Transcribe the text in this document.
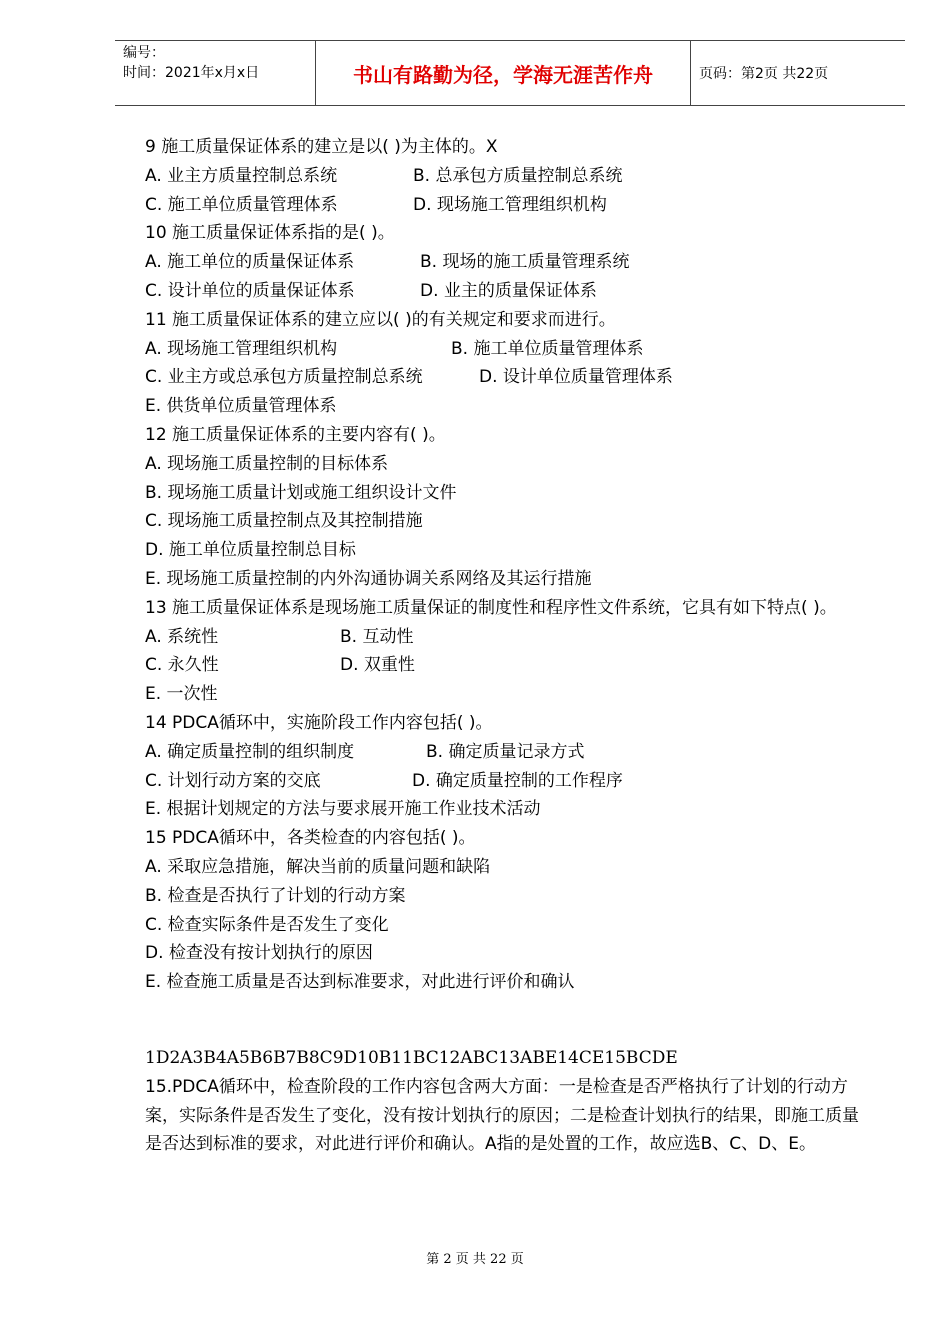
编号：
时间：2021年x月x日	书山有路勤为径，学海无涯苦作舟	页码：第2页 共22页
9 施工质量保证体系的建立是以( )为主体的。X
A. 业主方质量控制总系统	B. 总承包方质量控制总系统
C. 施工单位质量管理体系	D. 现场施工管理组织机构
10 施工质量保证体系指的是( )。
A. 施工单位的质量保证体系	B. 现场的施工质量管理系统
C. 设计单位的质量保证体系	D. 业主的质量保证体系
11 施工质量保证体系的建立应以( )的有关规定和要求而进行。
A. 现场施工管理组织机构	B. 施工单位质量管理体系
C. 业主方或总承包方质量控制总系统	D. 设计单位质量管理体系
E. 供货单位质量管理体系
12 施工质量保证体系的主要内容有( )。
A. 现场施工质量控制的目标体系
B. 现场施工质量计划或施工组织设计文件
C. 现场施工质量控制点及其控制措施
D. 施工单位质量控制总目标
E. 现场施工质量控制的内外沟通协调关系网络及其运行措施
13 施工质量保证体系是现场施工质量保证的制度性和程序性文件系统，它具有如下特点( )。
A. 系统性	B. 互动性
C. 永久性	D. 双重性
E. 一次性
14 PDCA循环中，实施阶段工作内容包括( )。
A. 确定质量控制的组织制度	B. 确定质量记录方式
C. 计划行动方案的交底	D. 确定质量控制的工作程序
E. 根据计划规定的方法与要求展开施工作业技术活动
15 PDCA循环中，各类检查的内容包括( )。
A. 采取应急措施，解决当前的质量问题和缺陷
B. 检查是否执行了计划的行动方案
C. 检查实际条件是否发生了变化
D. 检查没有按计划执行的原因
E. 检查施工质量是否达到标准要求，对此进行评价和确认
1D2A3B4A5B6B7B8C9D10B11BC12ABC13ABE14CE15BCDE
15.PDCA循环中，检查阶段的工作内容包含两大方面：一是检查是否严格执行了计划的行动方案，实际条件是否发生了变化，没有按计划执行的原因；二是检查计划执行的结果，即施工质量是否达到标准的要求，对此进行评价和确认。A指的是处置的工作，故应选B、C、D、E。
第 2 页 共 22 页
